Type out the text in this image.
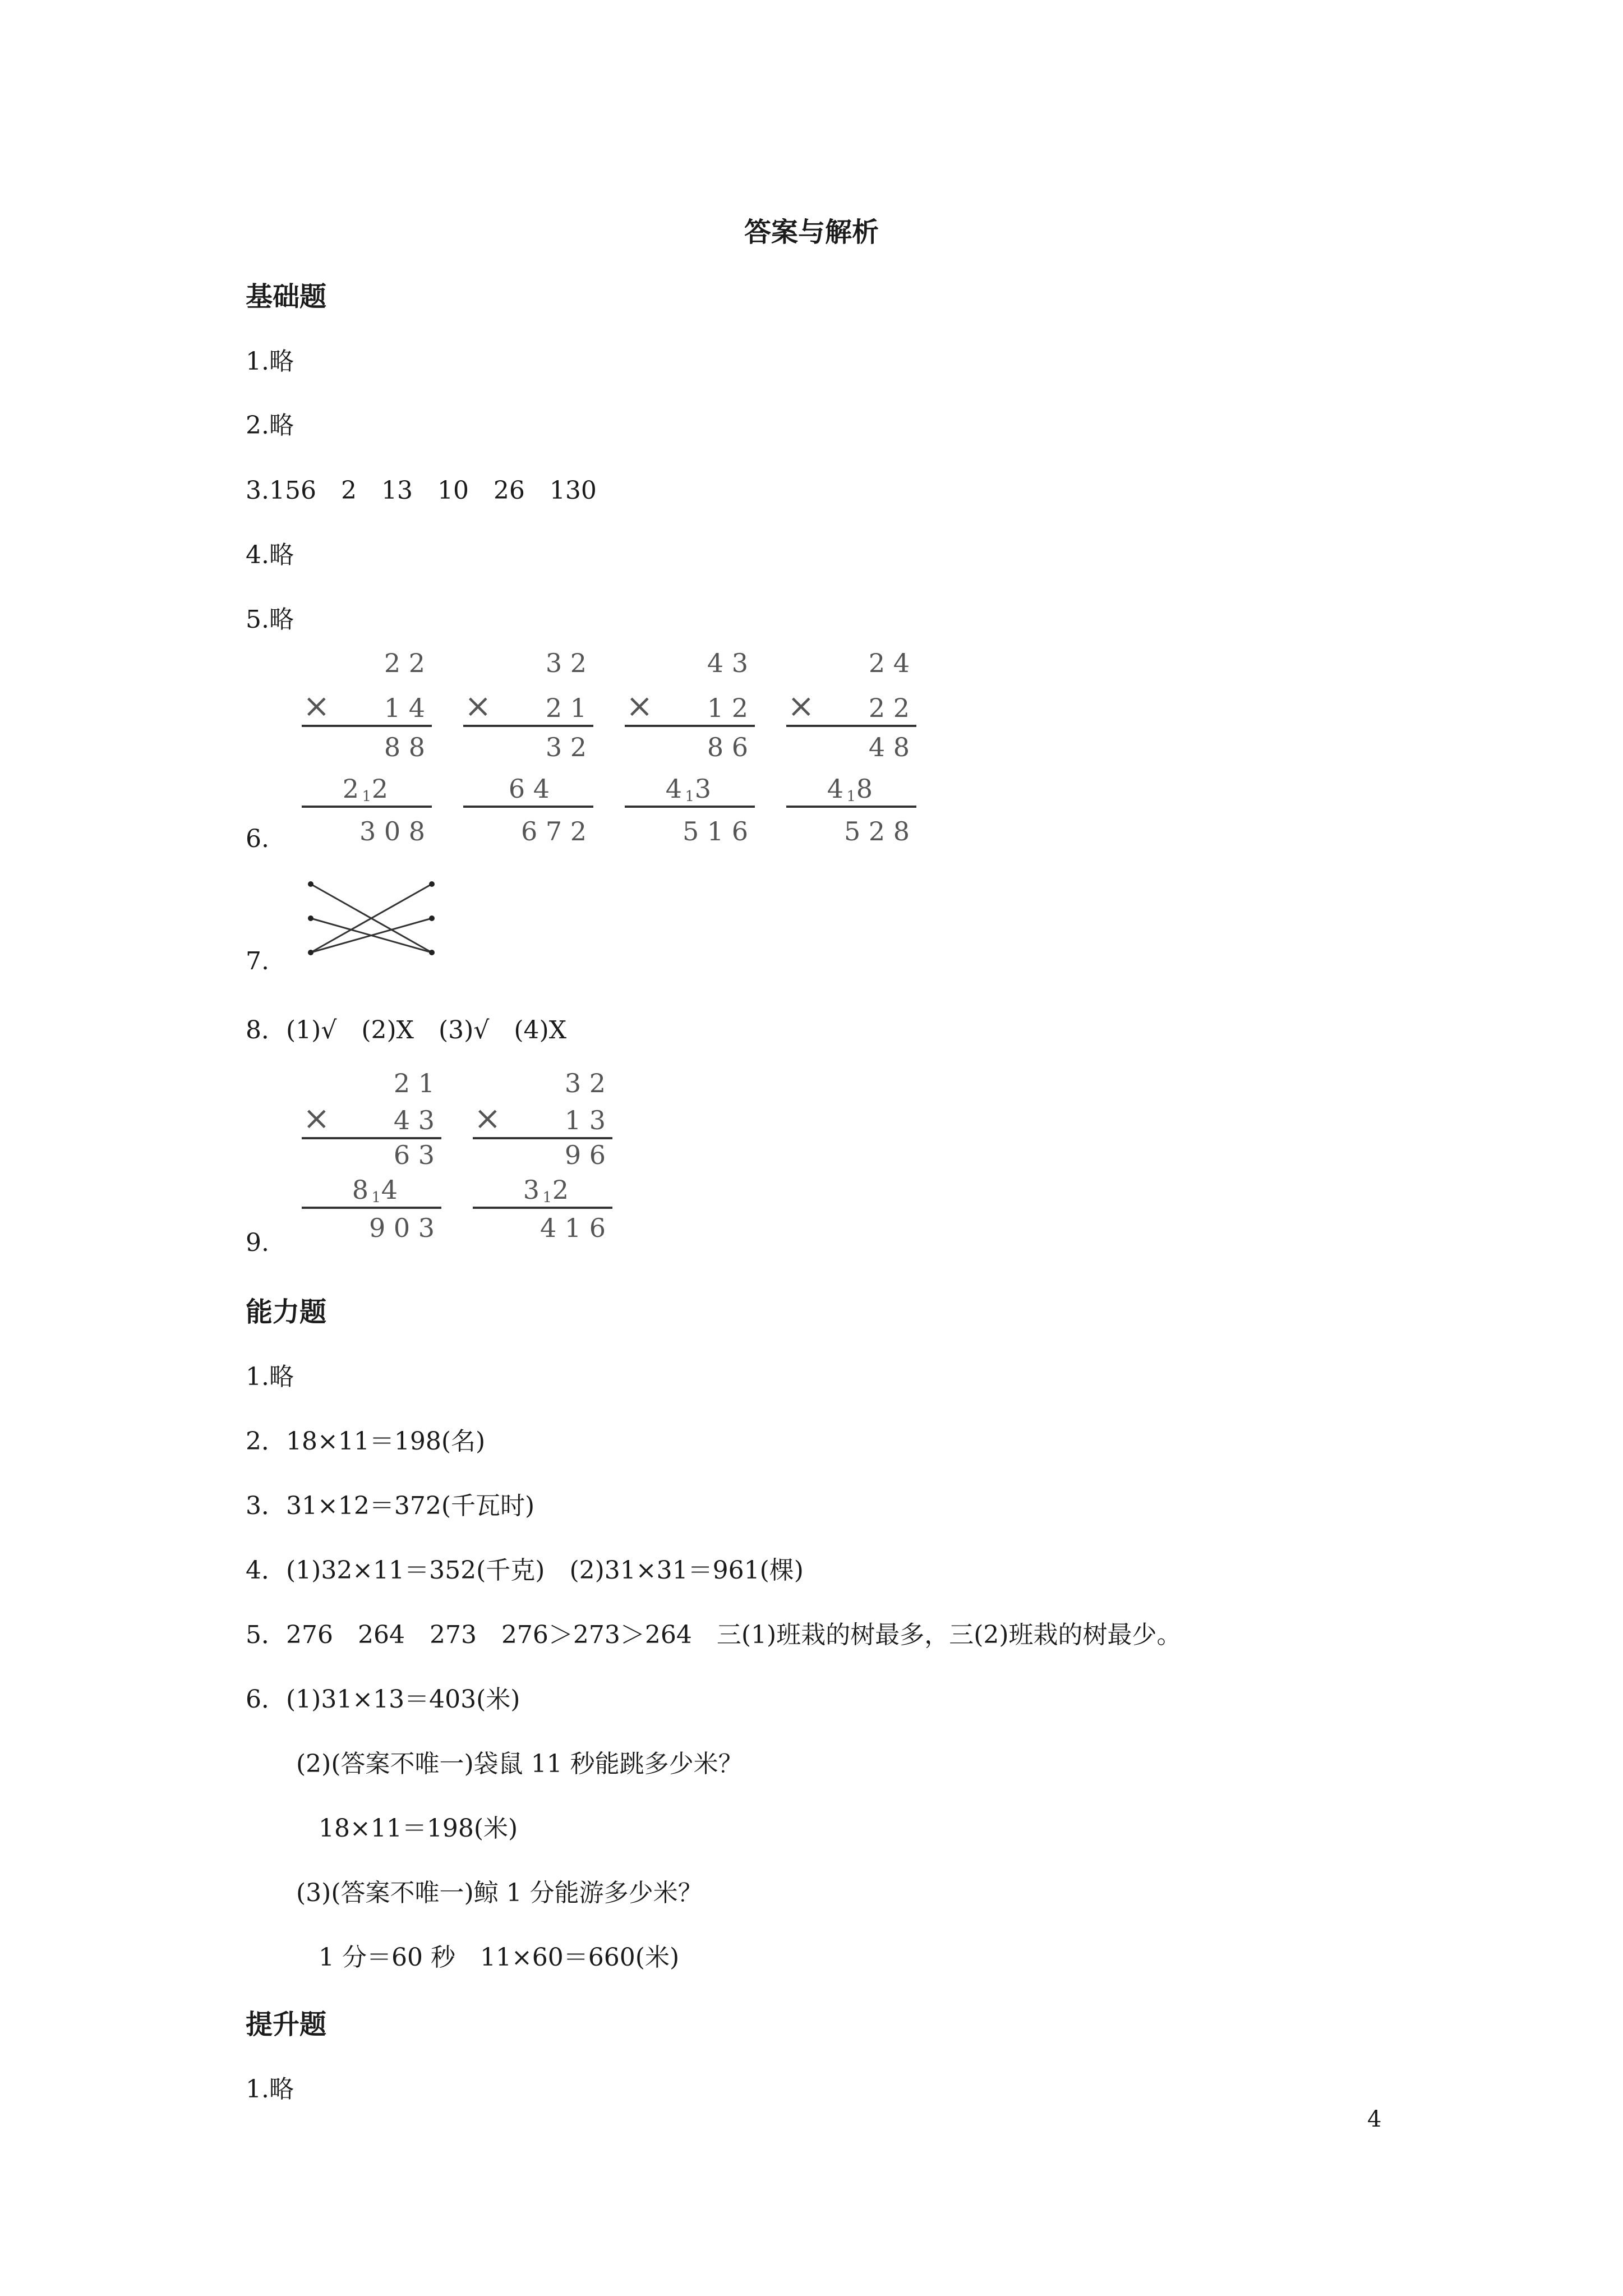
答案与解析
基础题
1.略
2.略
3.156　2　13　10　26　130
4.略
5.略
6.
2 2
× 1 4
8 8
2
1
2
3 0 8
3 2
× 2 1
3 2
6 4
6 7 2
4 3
× 1 2
8 6
3
1
4
5 1 6
2 4
× 2 2
4 8
8
1
4
5 2 8
7.
8．(1)√　(2)X　(3)√　(4)X
9.
2 1
× 4 3
6 3
4
1
8
9 0 3
3 2
× 1 3
9 6
2
1
3
4 1 6
能力题
1.略
2．18×11＝198(名)
3．31×12＝372(千瓦时)
4．(1)32×11＝352(千克)　(2)31×31＝961(棵)
5．276　264　273　276＞273＞264　三(1)班栽的树最多，三(2)班栽的树最少。
6．(1)31×13＝403(米)
(2)(答案不唯一)袋鼠 11 秒能跳多少米？
18×11＝198(米)
(3)(答案不唯一)鲸 1 分能游多少米？
1 分＝60 秒　11×60＝660(米)
提升题
1.略
4
